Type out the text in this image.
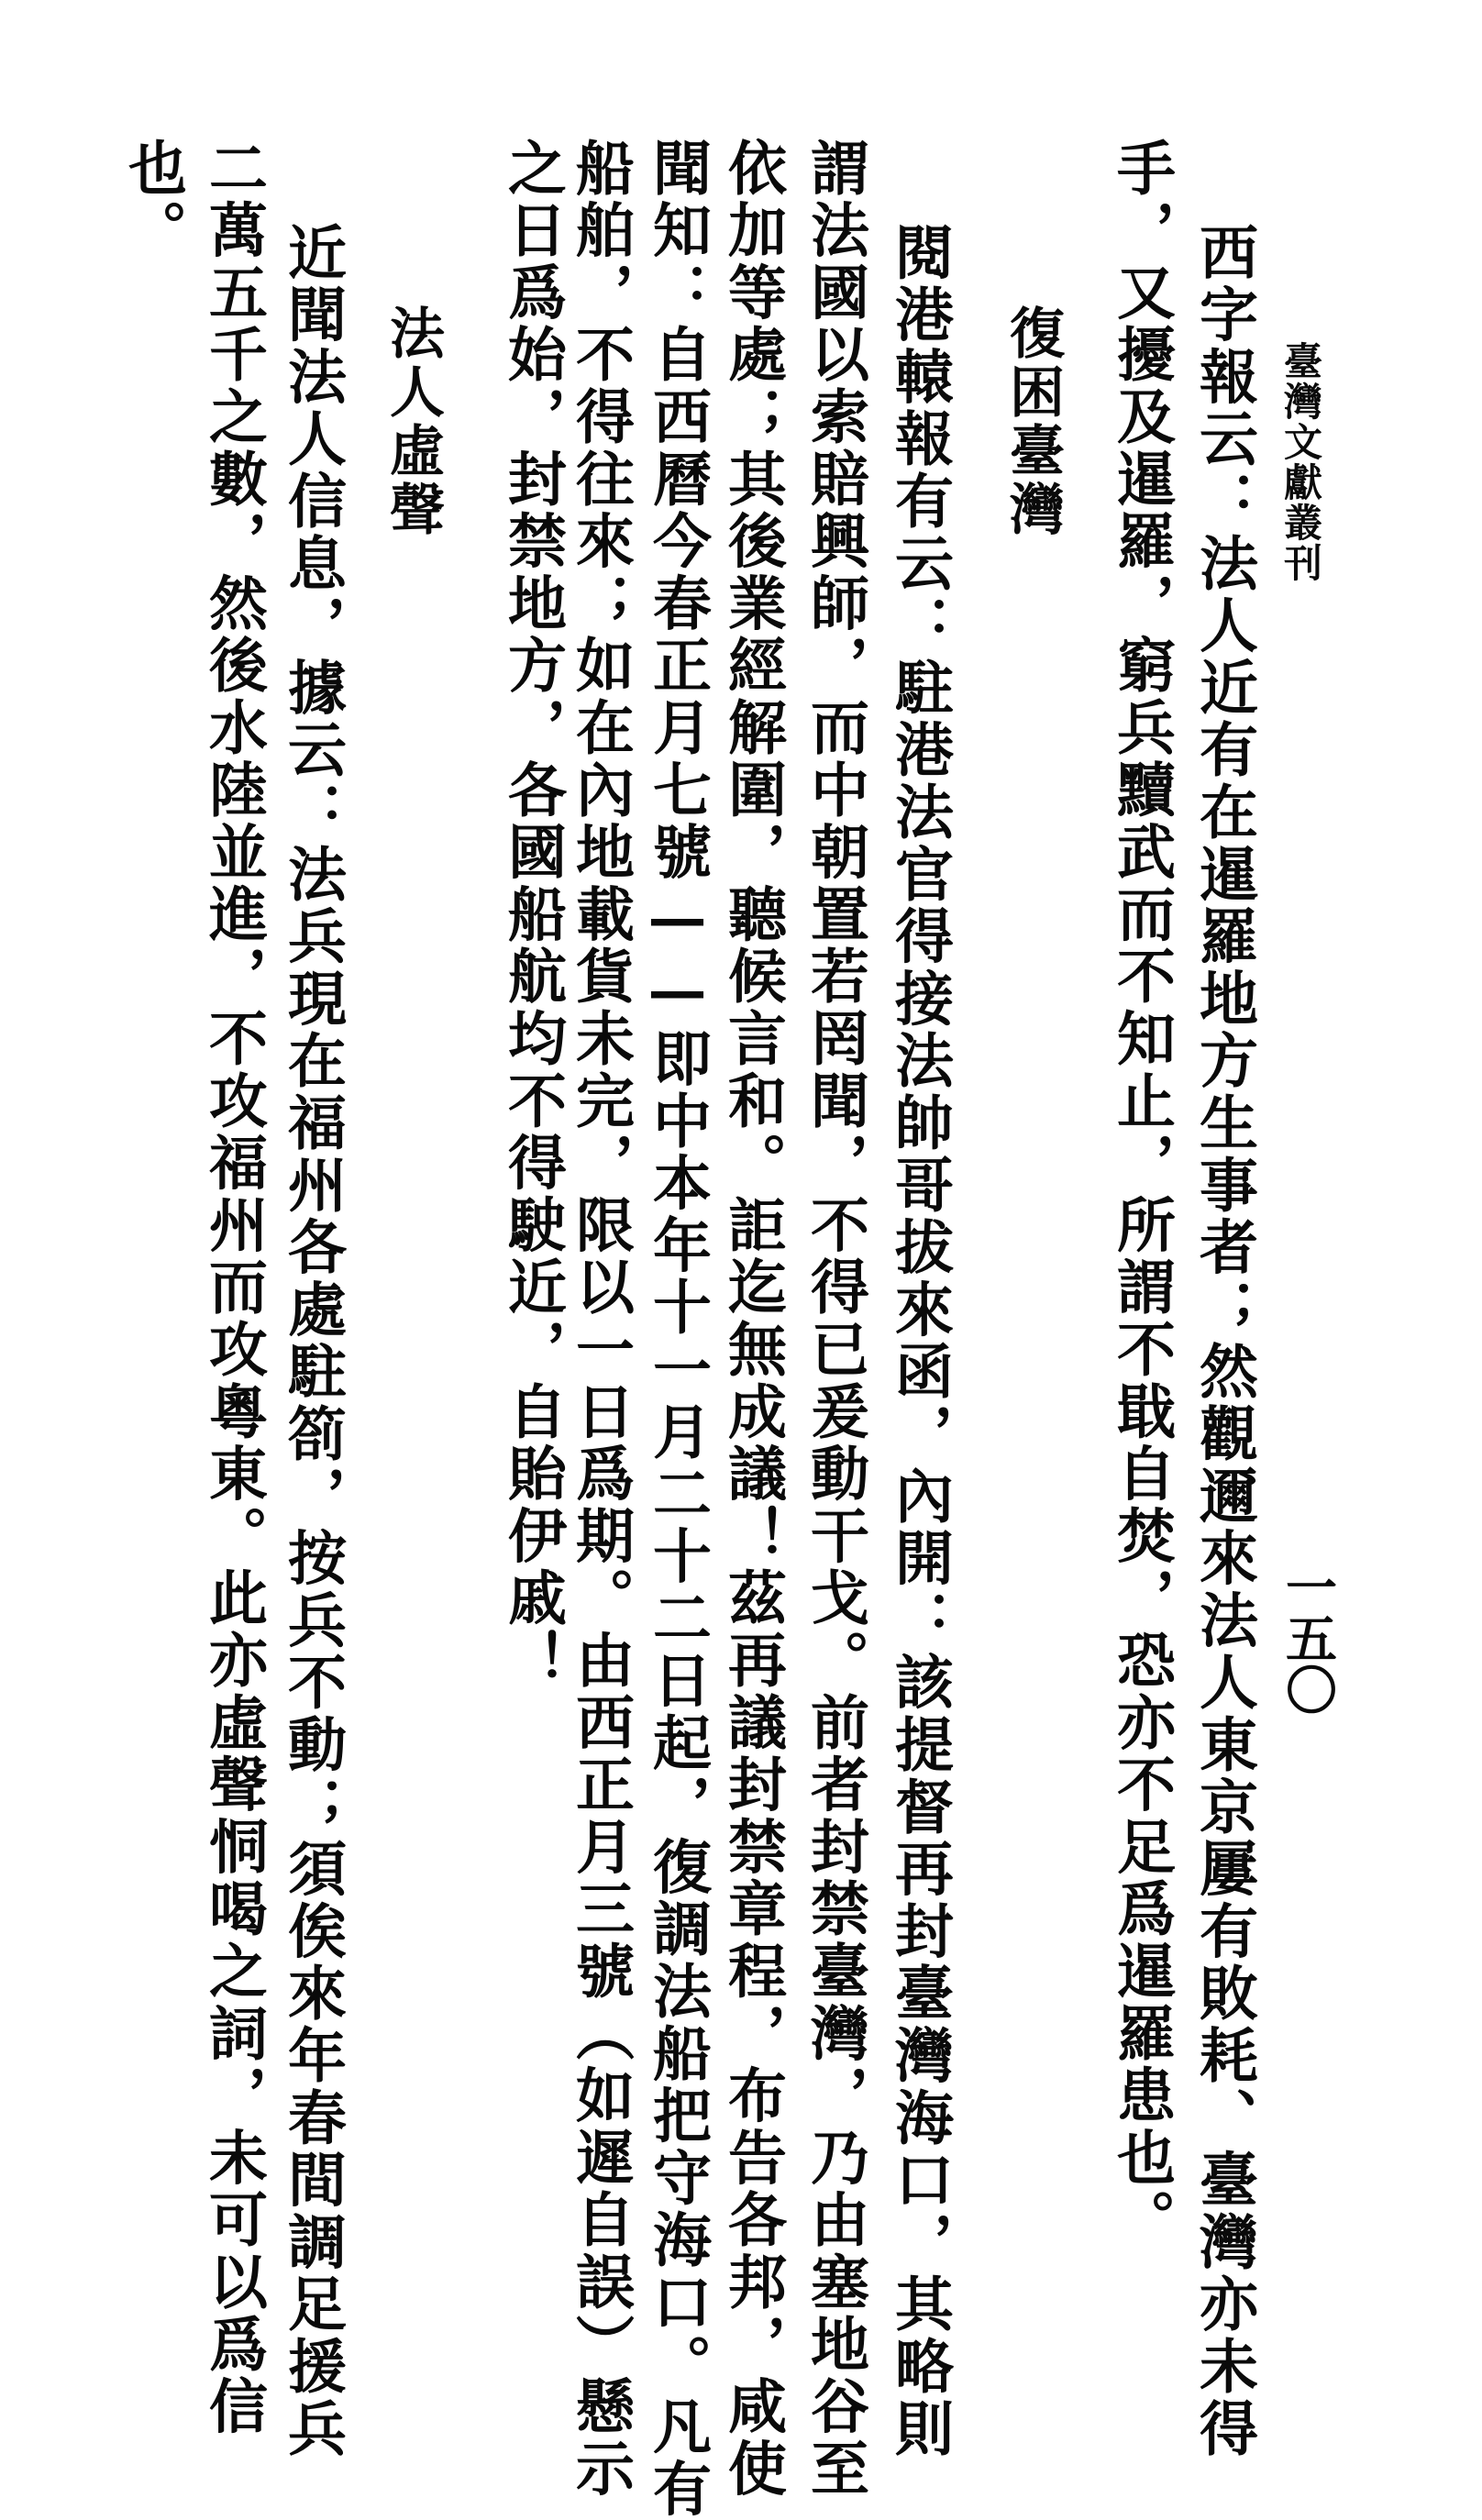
臺灣文獻叢刊
一五〇
西字報云：法人近有在暹羅地方生事者；然觀邇來法人東京屢有敗耗、臺灣亦未得
手，又擾及暹羅，窮兵黷武而不知止，所謂不戢自焚，恐亦不足爲暹羅患也。
復困臺灣
閱港轅報有云：駐港法官得接法帥哥拔來函，內開：該提督再封臺灣海口，其略則
謂法國以索賠興師，而中朝置若罔聞，不得已爰動干戈。前者封禁臺灣，乃由塞地谷至
依加等處；其後業經解圍，聽候言和。詎迄無成議！茲再議封禁章程，布告各邦，咸使
聞知：自西曆今春正月七號——即中本年十一月二十二日起，復調法船把守海口。凡有
船舶，不得往來；如在內地載貨未完，限以一日爲期。由西正月三號（如遲自誤）懸示
之日爲始，封禁地方，各國船航均不得駛近，自貽伊戚！
法人虛聲
近聞法人信息，據云：法兵現在福州各處駐箚，按兵不動；須俟來年春間調足援兵
二萬五千之數，然後水陸並進，不攻福州而攻粵東。此亦虛聲恫喝之詞，未可以爲信
也。
